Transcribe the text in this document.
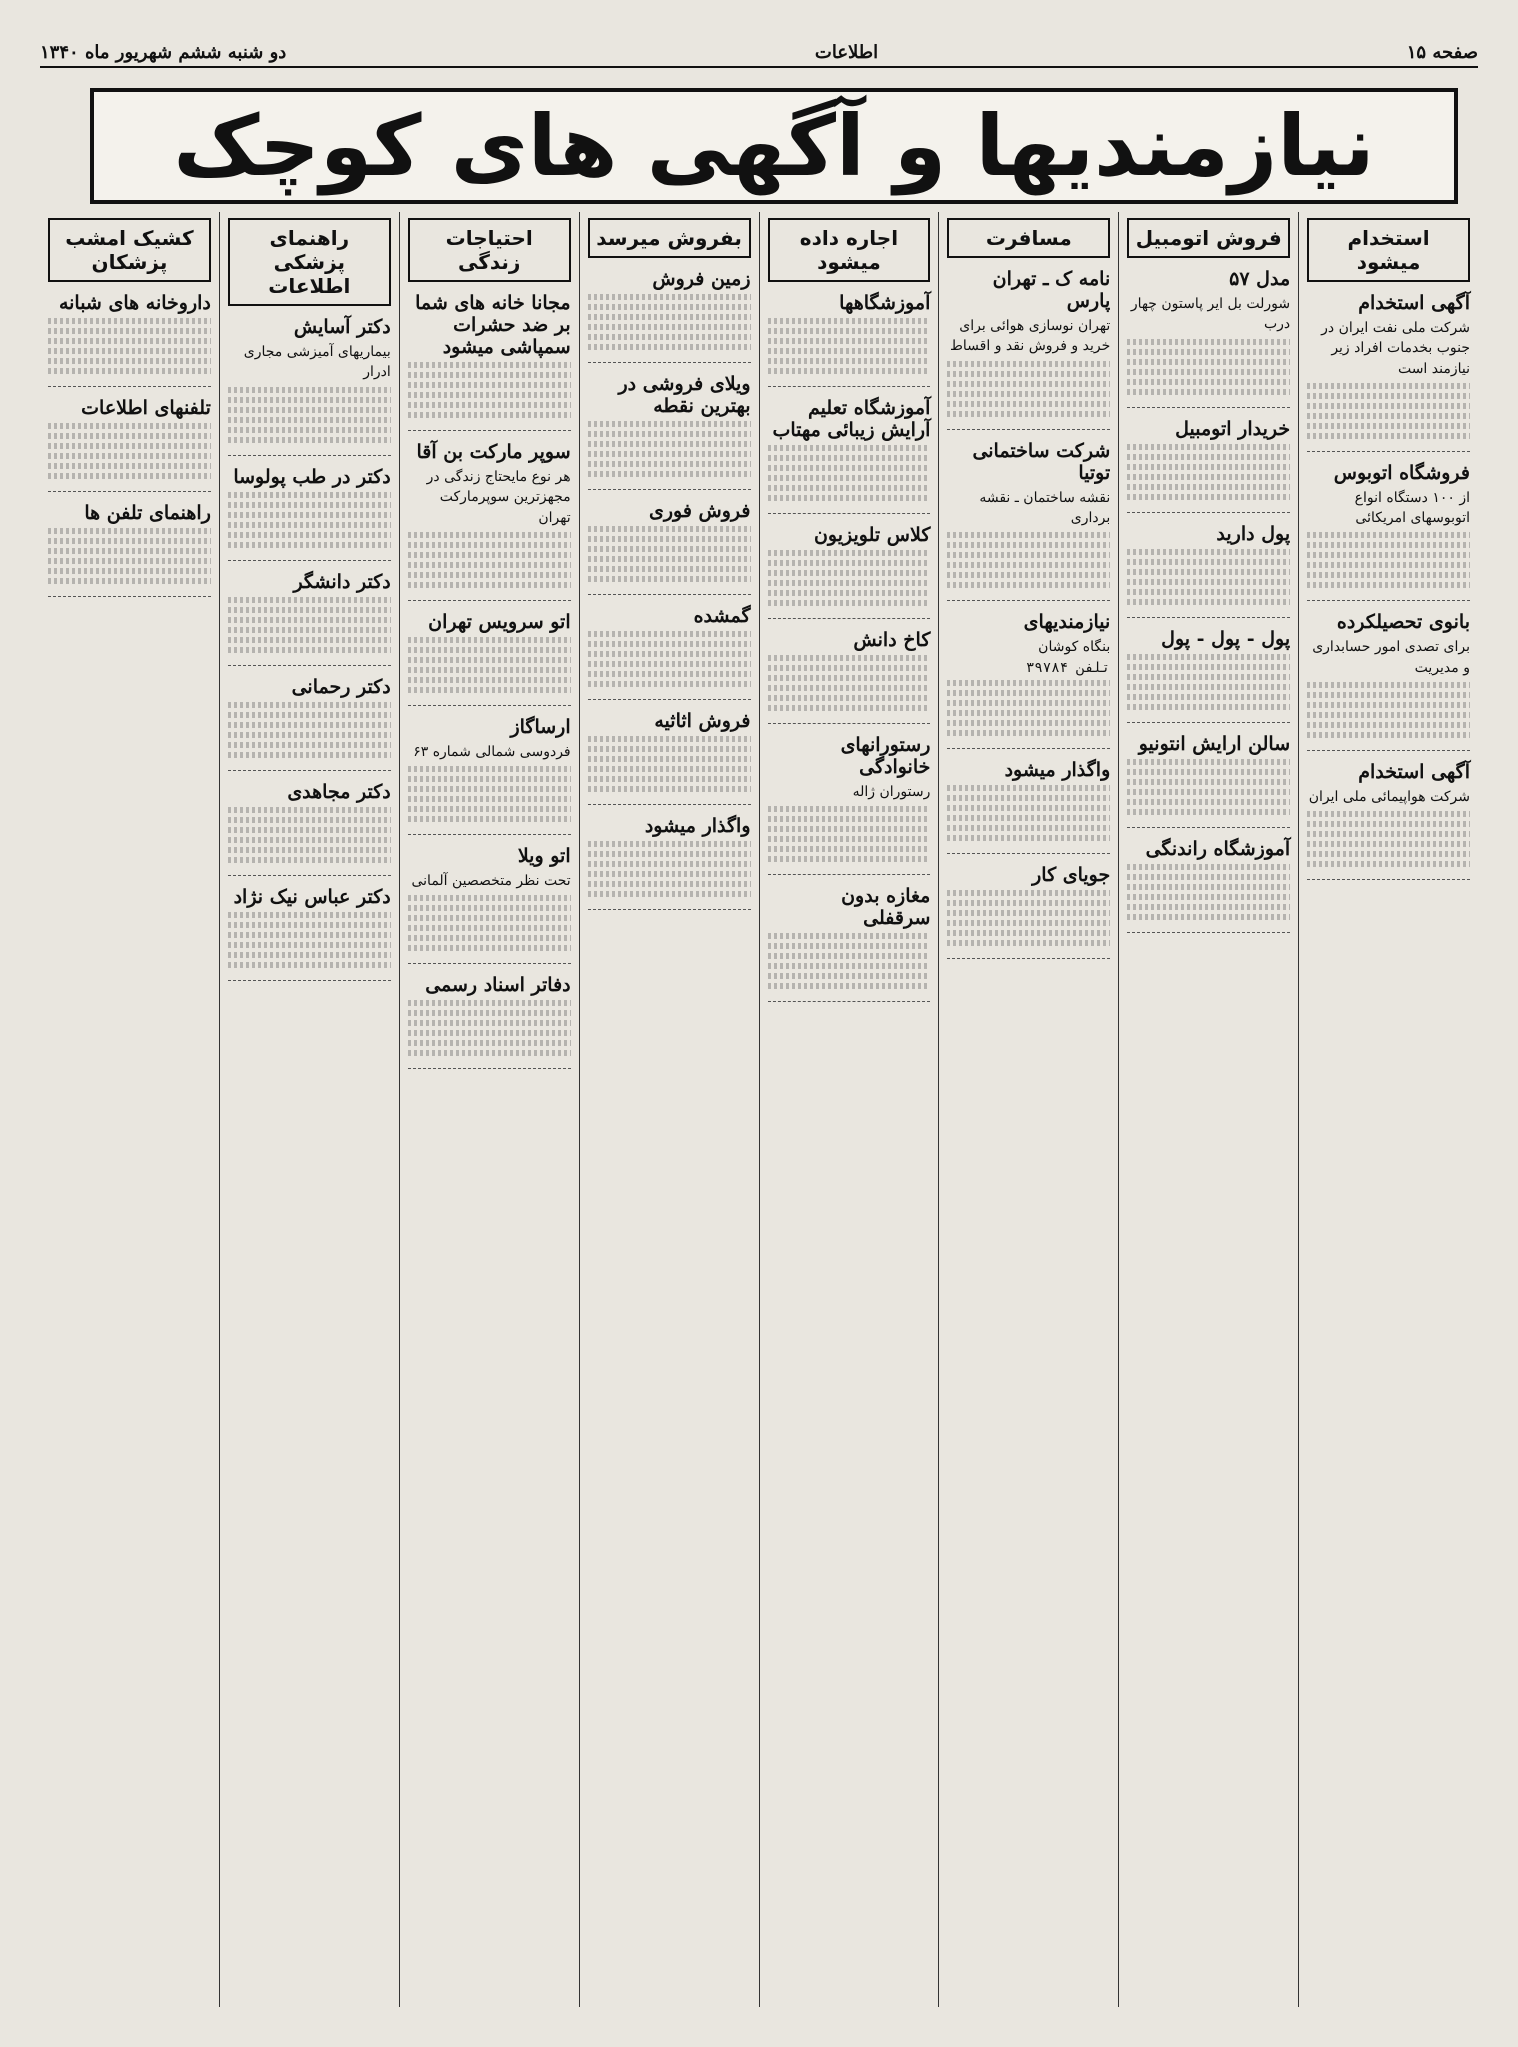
صفحه ۱۵
اطلاعات
دو شنبه ششم شهریور ماه ۱۳۴۰
نیازمندیها و آگهی های کوچک
استخدام میشود
آگهی استخدام
شرکت ملی نفت ایران در جنوب بخدمات افراد زیر نیازمند است
فروشگاه اتوبوس
از ۱۰۰ دستگاه انواع اتوبوسهای امریکائی
بانوی تحصیلکرده
برای تصدی امور حسابداری و مدیریت
آگهی استخدام
شرکت هواپیمائی ملی ایران
فروش اتومبیل
مدل ۵۷
شورلت بل ایر پاستون چهار درب
خریدار اتومبیل
پول دارید
پول - پول - پول
سالن ارایش انتونیو
آموزشگاه راندنگی
مسافرت
نامه ک ـ تهران پارس
تهران نوسازی هوائی برای خرید و فروش نقد و اقساط
شرکت ساختمانی توتیا
نقشه ساختمان ـ نقشه برداری
نیازمندیهای
بنگاه کوشان
تلفن ۳۹۷۸۴
واگذار میشود
جویای کار
اجاره داده میشود
آموزشگاهها
آموزشگاه تعلیم آرایش زیبائی مهتاب
کلاس تلویزیون
کاخ دانش
رستورانهای خانوادگی
رستوران ژاله
مغازه بدون سرقفلی
بفروش میرسد
زمین فروش
ویلای فروشی در بهترین نقطه
فروش فوری
گمشده
فروش اثاثیه
واگذار میشود
احتیاجات زندگی
مجانا خانه های شما بر ضد حشرات سمپاشی میشود
سوپر مارکت بن آقا
هر نوع مایحتاج زندگی در مجهزترین سوپرمارکت تهران
اتو سرویس تهران
ارساگاز
فردوسی شمالی شماره ۶۳
اتو ویلا
تحت نظر متخصصین آلمانی
دفاتر اسناد رسمی
راهنمای پزشکی اطلاعات
دکتر آسایش
بیماریهای آمیزشی مجاری ادرار
دکتر در طب پولوسا
دکتر دانشگر
دکتر رحمانی
دکتر مجاهدی
دکتر عباس نیک نژاد
کشیک امشب پزشکان
داروخانه های شبانه
تلفنهای اطلاعات
راهنمای تلفن ها
